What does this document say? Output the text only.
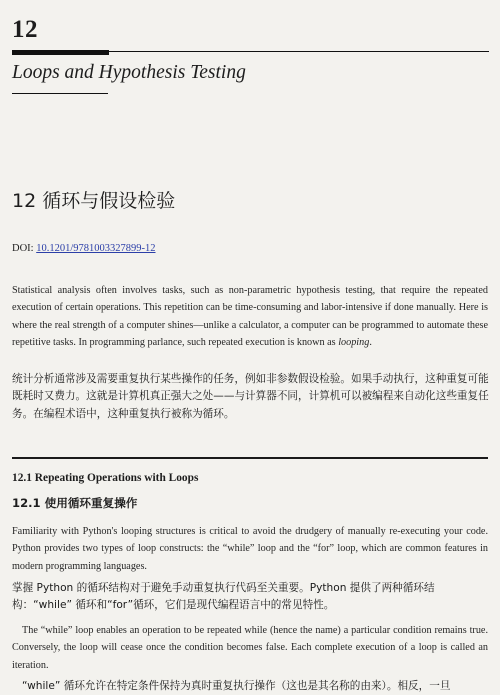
12
Loops and Hypothesis Testing
12 循环与假设检验
DOI: 10.1201/9781003327899-12
Statistical analysis often involves tasks, such as non-parametric hypothesis testing, that require the repeated execution of certain operations. This repetition can be time-consuming and labor-intensive if done manually. Here is where the real strength of a computer shines—unlike a calculator, a computer can be programmed to automate these repetitive tasks. In programming parlance, such repeated execution is known as looping.
统计分析通常涉及需要重复执行某些操作的任务，例如非参数假设检验。如果手动执行，这种重复可能既耗时又费力。这就是计算机真正强大之处——与计算器不同，计算机可以被编程来自动化这些重复任务。在编程术语中，这种重复执行被称为循环。
12.1 Repeating Operations with Loops
12.1 使用循环重复操作
Familiarity with Python's looping structures is critical to avoid the drudgery of manually re-executing your code. Python provides two types of loop constructs: the “while” loop and the “for” loop, which are common features in modern programming languages.
掌握 Python 的循环结构对于避免手动重复执行代码至关重要。Python 提供了两种循环结构：“while” 循环和“for”循环，它们是现代编程语言中的常见特性。
The “while” loop enables an operation to be repeated while (hence the name) a particular condition remains true. Conversely, the loop will cease once the condition becomes false. Each complete execution of a loop is called an iteration.
“while” 循环允许在特定条件保持为真时重复执行操作（这也是其名称的由来）。相反，一旦
